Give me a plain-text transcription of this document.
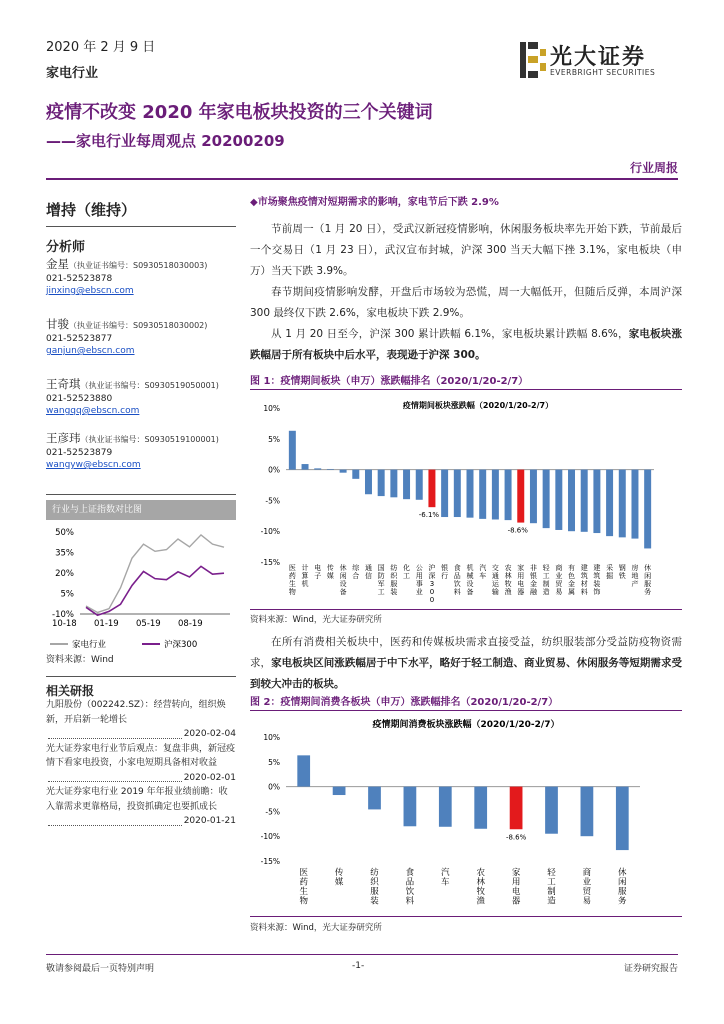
2020 年 2 月 9 日
家电行业
光大证券
EVERBRIGHT SECURITIES
疫情不改变 2020 年家电板块投资的三个关键词
——家电行业每周观点 20200209
行业周报
增持（维持）
分析师
金星（执业证书编号：S0930518030003)
021-52523878
jinxing@ebscn.com
甘骏（执业证书编号：S0930518030002)
021-52523877
ganjun@ebscn.com
王奇琪（执业证书编号：S0930519050001)
021-52523880
wangqq@ebscn.com
王彦玮（执业证书编号：S0930519100001)
021-52523879
wangyw@ebscn.com
行业与上证指数对比图
50%
35%
20%
5%
-10%
10-18 01-19 05-19 08-19
家电行业	沪深300
资料来源：Wind
相关研报
九阳股份（002242.SZ）：经营转向，组织焕新，开启新一轮增长
2020-02-04
光大证券家电行业节后观点：复盘非典，新冠疫情下看家电投资，小家电短期具备相对收益
2020-02-01
光大证券家电行业 2019 年年报业绩前瞻：收入靠需求更靠格局，投资抓确定也要抓成长
2020-01-21
◆市场聚焦疫情对短期需求的影响，家电节后下跌 2.9%
节前周一（1 月 20 日），受武汉新冠疫情影响，休闲服务板块率先开始下跌，节前最后一个交易日（1 月 23 日），武汉宣布封城，沪深 300 当天大幅下挫 3.1%，家电板块（申万）当天下跌 3.9%。
春节期间疫情影响发酵，开盘后市场较为恐慌，周一大幅低开，但随后反弹，本周沪深 300 最终仅下跌 2.6%，家电板块下跌 2.9%。
从 1 月 20 日至今，沪深 300 累计跌幅 6.1%，家电板块累计跌幅 8.6%，家电板块涨跌幅居于所有板块中后水平，表现逊于沪深 300。
图 1：疫情期间板块（申万）涨跌幅排名（2020/1/20-2/7）
疫情期间板块涨跌幅（2020/1/20-2/7）
10%
5%
0%
-5%
-10%
-15%
医药生物
计算机
电子
传媒
休闲设备
综合
通信
国防军工
纺织服装
化工
公用事业
-6.1%
沪深 3 0 0
银行
食品饮料
机械设备
汽车
交通运输
农林牧渔
-8.6%
家用电器
非银金融
轻工制造
商业贸易
有色金属
建筑材料
建筑装饰
采掘
钢铁
房地产
休闲服务
资料来源：Wind，光大证券研究所
在所有消费相关板块中，医药和传媒板块需求直接受益，纺织服装部分受益防疫物资需求，家电板块区间涨跌幅居于中下水平，略好于轻工制造、商业贸易、休闲服务等短期需求受到较大冲击的板块。
图 2：疫情期间消费各板块（申万）涨跌幅排名（2020/1/20-2/7）
疫情期间消费板块涨跌幅（2020/1/20-2/7）
10%
5%
0%
-5%
-10%
-15%
医药生物
传媒
纺织服装
食品饮料
汽车
农林牧渔
-8.6%
家用电器
轻工制造
商业贸易
休闲服务
资料来源：Wind，光大证券研究所
敬请参阅最后一页特别声明	-1-	证券研究报告
